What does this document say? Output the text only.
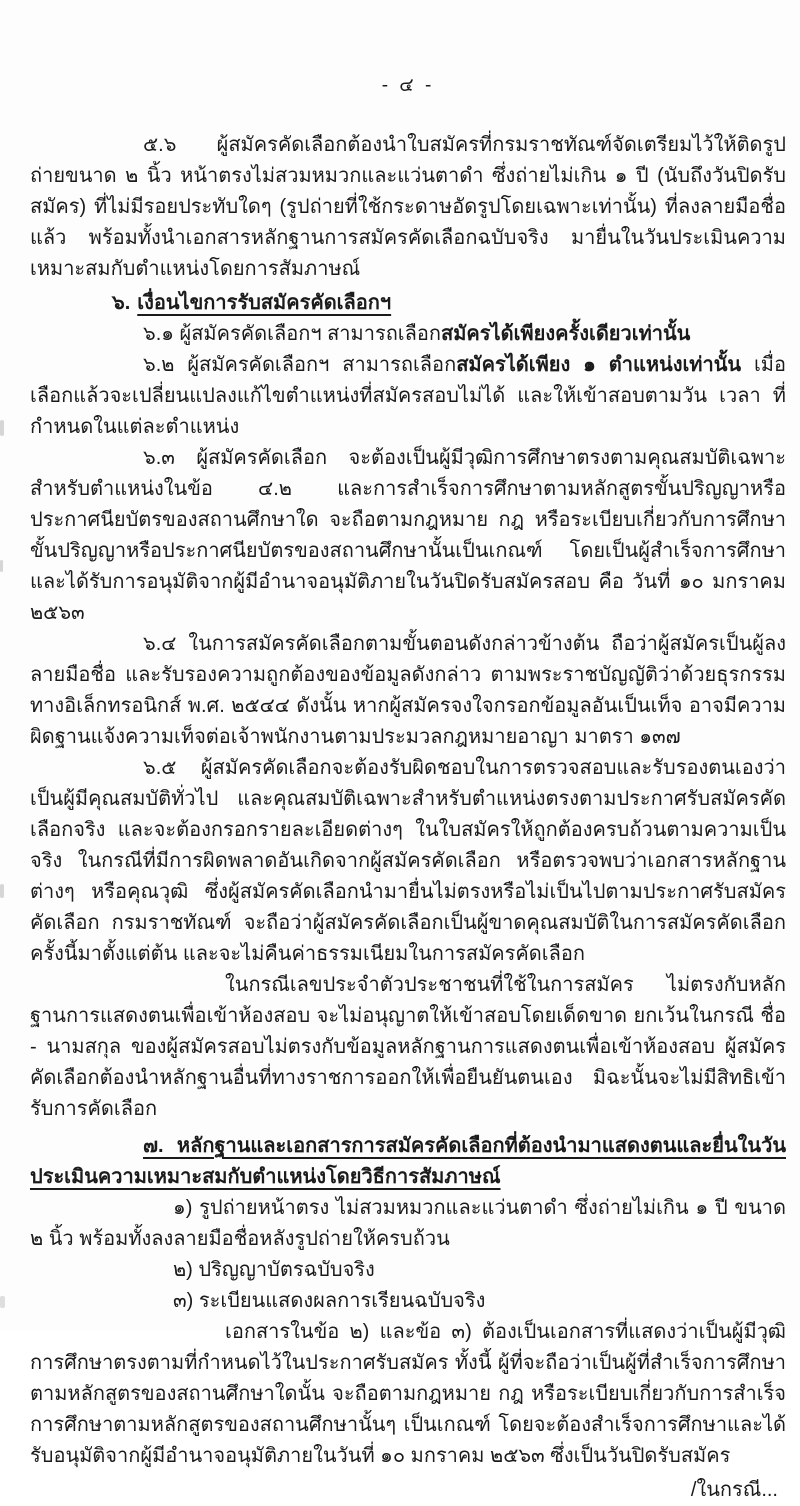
- ๔ -

๕.๖ ผู้สมัครคัดเลือกต้องนำใบสมัครที่กรมราชทัณฑ์จัดเตรียมไว้ให้ติดรูปถ่ายขนาด ๒ นิ้ว หน้าตรงไม่สวมหมวกและแว่นตาดำ ซึ่งถ่ายไม่เกิน ๑ ปี (นับถึงวันปิดรับสมัคร) ที่ไม่มีรอยประทับใดๆ (รูปถ่ายที่ใช้กระดาษอัดรูปโดยเฉพาะเท่านั้น) ที่ลงลายมือชื่อแล้ว พร้อมทั้งนำเอกสารหลักฐานการสมัครคัดเลือกฉบับจริง มายื่นในวันประเมินความเหมาะสมกับตำแหน่งโดยการสัมภาษณ์

๖. เงื่อนไขการรับสมัครคัดเลือกฯ

๖.๑ ผู้สมัครคัดเลือกฯ สามารถเลือกสมัครได้เพียงครั้งเดียวเท่านั้น

๖.๒ ผู้สมัครคัดเลือกฯ สามารถเลือกสมัครได้เพียง ๑ ตำแหน่งเท่านั้น เมื่อเลือกแล้วจะเปลี่ยนแปลงแก้ไขตำแหน่งที่สมัครสอบไม่ได้ และให้เข้าสอบตามวัน เวลา ที่กำหนดในแต่ละตำแหน่ง

๖.๓ ผู้สมัครคัดเลือก จะต้องเป็นผู้มีวุฒิการศึกษาตรงตามคุณสมบัติเฉพาะสำหรับตำแหน่งในข้อ ๔.๒ และการสำเร็จการศึกษาตามหลักสูตรขั้นปริญญาหรือประกาศนียบัตรของสถานศึกษาใด จะถือตามกฎหมาย กฎ หรือระเบียบเกี่ยวกับการศึกษาขั้นปริญญาหรือประกาศนียบัตรของสถานศึกษานั้นเป็นเกณฑ์ โดยเป็นผู้สำเร็จการศึกษาและได้รับการอนุมัติจากผู้มีอำนาจอนุมัติภายในวันปิดรับสมัครสอบ คือ วันที่ ๑๐ มกราคม ๒๕๖๓

๖.๔ ในการสมัครคัดเลือกตามขั้นตอนดังกล่าวข้างต้น ถือว่าผู้สมัครเป็นผู้ลงลายมือชื่อ และรับรองความถูกต้องของข้อมูลดังกล่าว ตามพระราชบัญญัติว่าด้วยธุรกรรมทางอิเล็กทรอนิกส์ พ.ศ. ๒๕๔๔ ดังนั้น หากผู้สมัครจงใจกรอกข้อมูลอันเป็นเท็จ อาจมีความผิดฐานแจ้งความเท็จต่อเจ้าพนักงานตามประมวลกฎหมายอาญา มาตรา ๑๓๗

๖.๕ ผู้สมัครคัดเลือกจะต้องรับผิดชอบในการตรวจสอบและรับรองตนเองว่า เป็นผู้มีคุณสมบัติทั่วไป และคุณสมบัติเฉพาะสำหรับตำแหน่งตรงตามประกาศรับสมัครคัดเลือกจริง และจะต้องกรอกรายละเอียดต่างๆ ในใบสมัครให้ถูกต้องครบถ้วนตามความเป็นจริง ในกรณีที่มีการผิดพลาดอันเกิดจากผู้สมัครคัดเลือก หรือตรวจพบว่าเอกสารหลักฐานต่างๆ หรือคุณวุฒิ ซึ่งผู้สมัครคัดเลือกนำมายื่นไม่ตรงหรือไม่เป็นไปตามประกาศรับสมัครคัดเลือก กรมราชทัณฑ์ จะถือว่าผู้สมัครคัดเลือกเป็นผู้ขาดคุณสมบัติในการสมัครคัดเลือกครั้งนี้มาตั้งแต่ต้น และจะไม่คืนค่าธรรมเนียมในการสมัครคัดเลือก

ในกรณีเลขประจำตัวประชาชนที่ใช้ในการสมัคร ไม่ตรงกับหลักฐานการแสดงตนเพื่อเข้าห้องสอบ จะไม่อนุญาตให้เข้าสอบโดยเด็ดขาด ยกเว้นในกรณี ชื่อ - นามสกุล ของผู้สมัครสอบไม่ตรงกับข้อมูลหลักฐานการแสดงตนเพื่อเข้าห้องสอบ ผู้สมัครคัดเลือกต้องนำหลักฐานอื่นที่ทางราชการออกให้เพื่อยืนยันตนเอง มิฉะนั้นจะไม่มีสิทธิเข้ารับการคัดเลือก

๗. หลักฐานและเอกสารการสมัครคัดเลือกที่ต้องนำมาแสดงตนและยื่นในวันประเมินความเหมาะสมกับตำแหน่งโดยวิธีการสัมภาษณ์

๑) รูปถ่ายหน้าตรง ไม่สวมหมวกและแว่นตาดำ ซึ่งถ่ายไม่เกิน ๑ ปี ขนาด ๒ นิ้ว พร้อมทั้งลงลายมือชื่อหลังรูปถ่ายให้ครบถ้วน

๒) ปริญญาบัตรฉบับจริง

๓) ระเบียนแสดงผลการเรียนฉบับจริง

เอกสารในข้อ ๒) และข้อ ๓) ต้องเป็นเอกสารที่แสดงว่าเป็นผู้มีวุฒิการศึกษาตรงตามที่กำหนดไว้ในประกาศรับสมัคร ทั้งนี้ ผู้ที่จะถือว่าเป็นผู้ที่สำเร็จการศึกษาตามหลักสูตรของสถานศึกษาใดนั้น จะถือตามกฎหมาย กฎ หรือระเบียบเกี่ยวกับการสำเร็จการศึกษาตามหลักสูตรของสถานศึกษานั้นๆ เป็นเกณฑ์ โดยจะต้องสำเร็จการศึกษาและได้รับอนุมัติจากผู้มีอำนาจอนุมัติภายในวันที่ ๑๐ มกราคม ๒๕๖๓ ซึ่งเป็นวันปิดรับสมัคร

/ในกรณี...
